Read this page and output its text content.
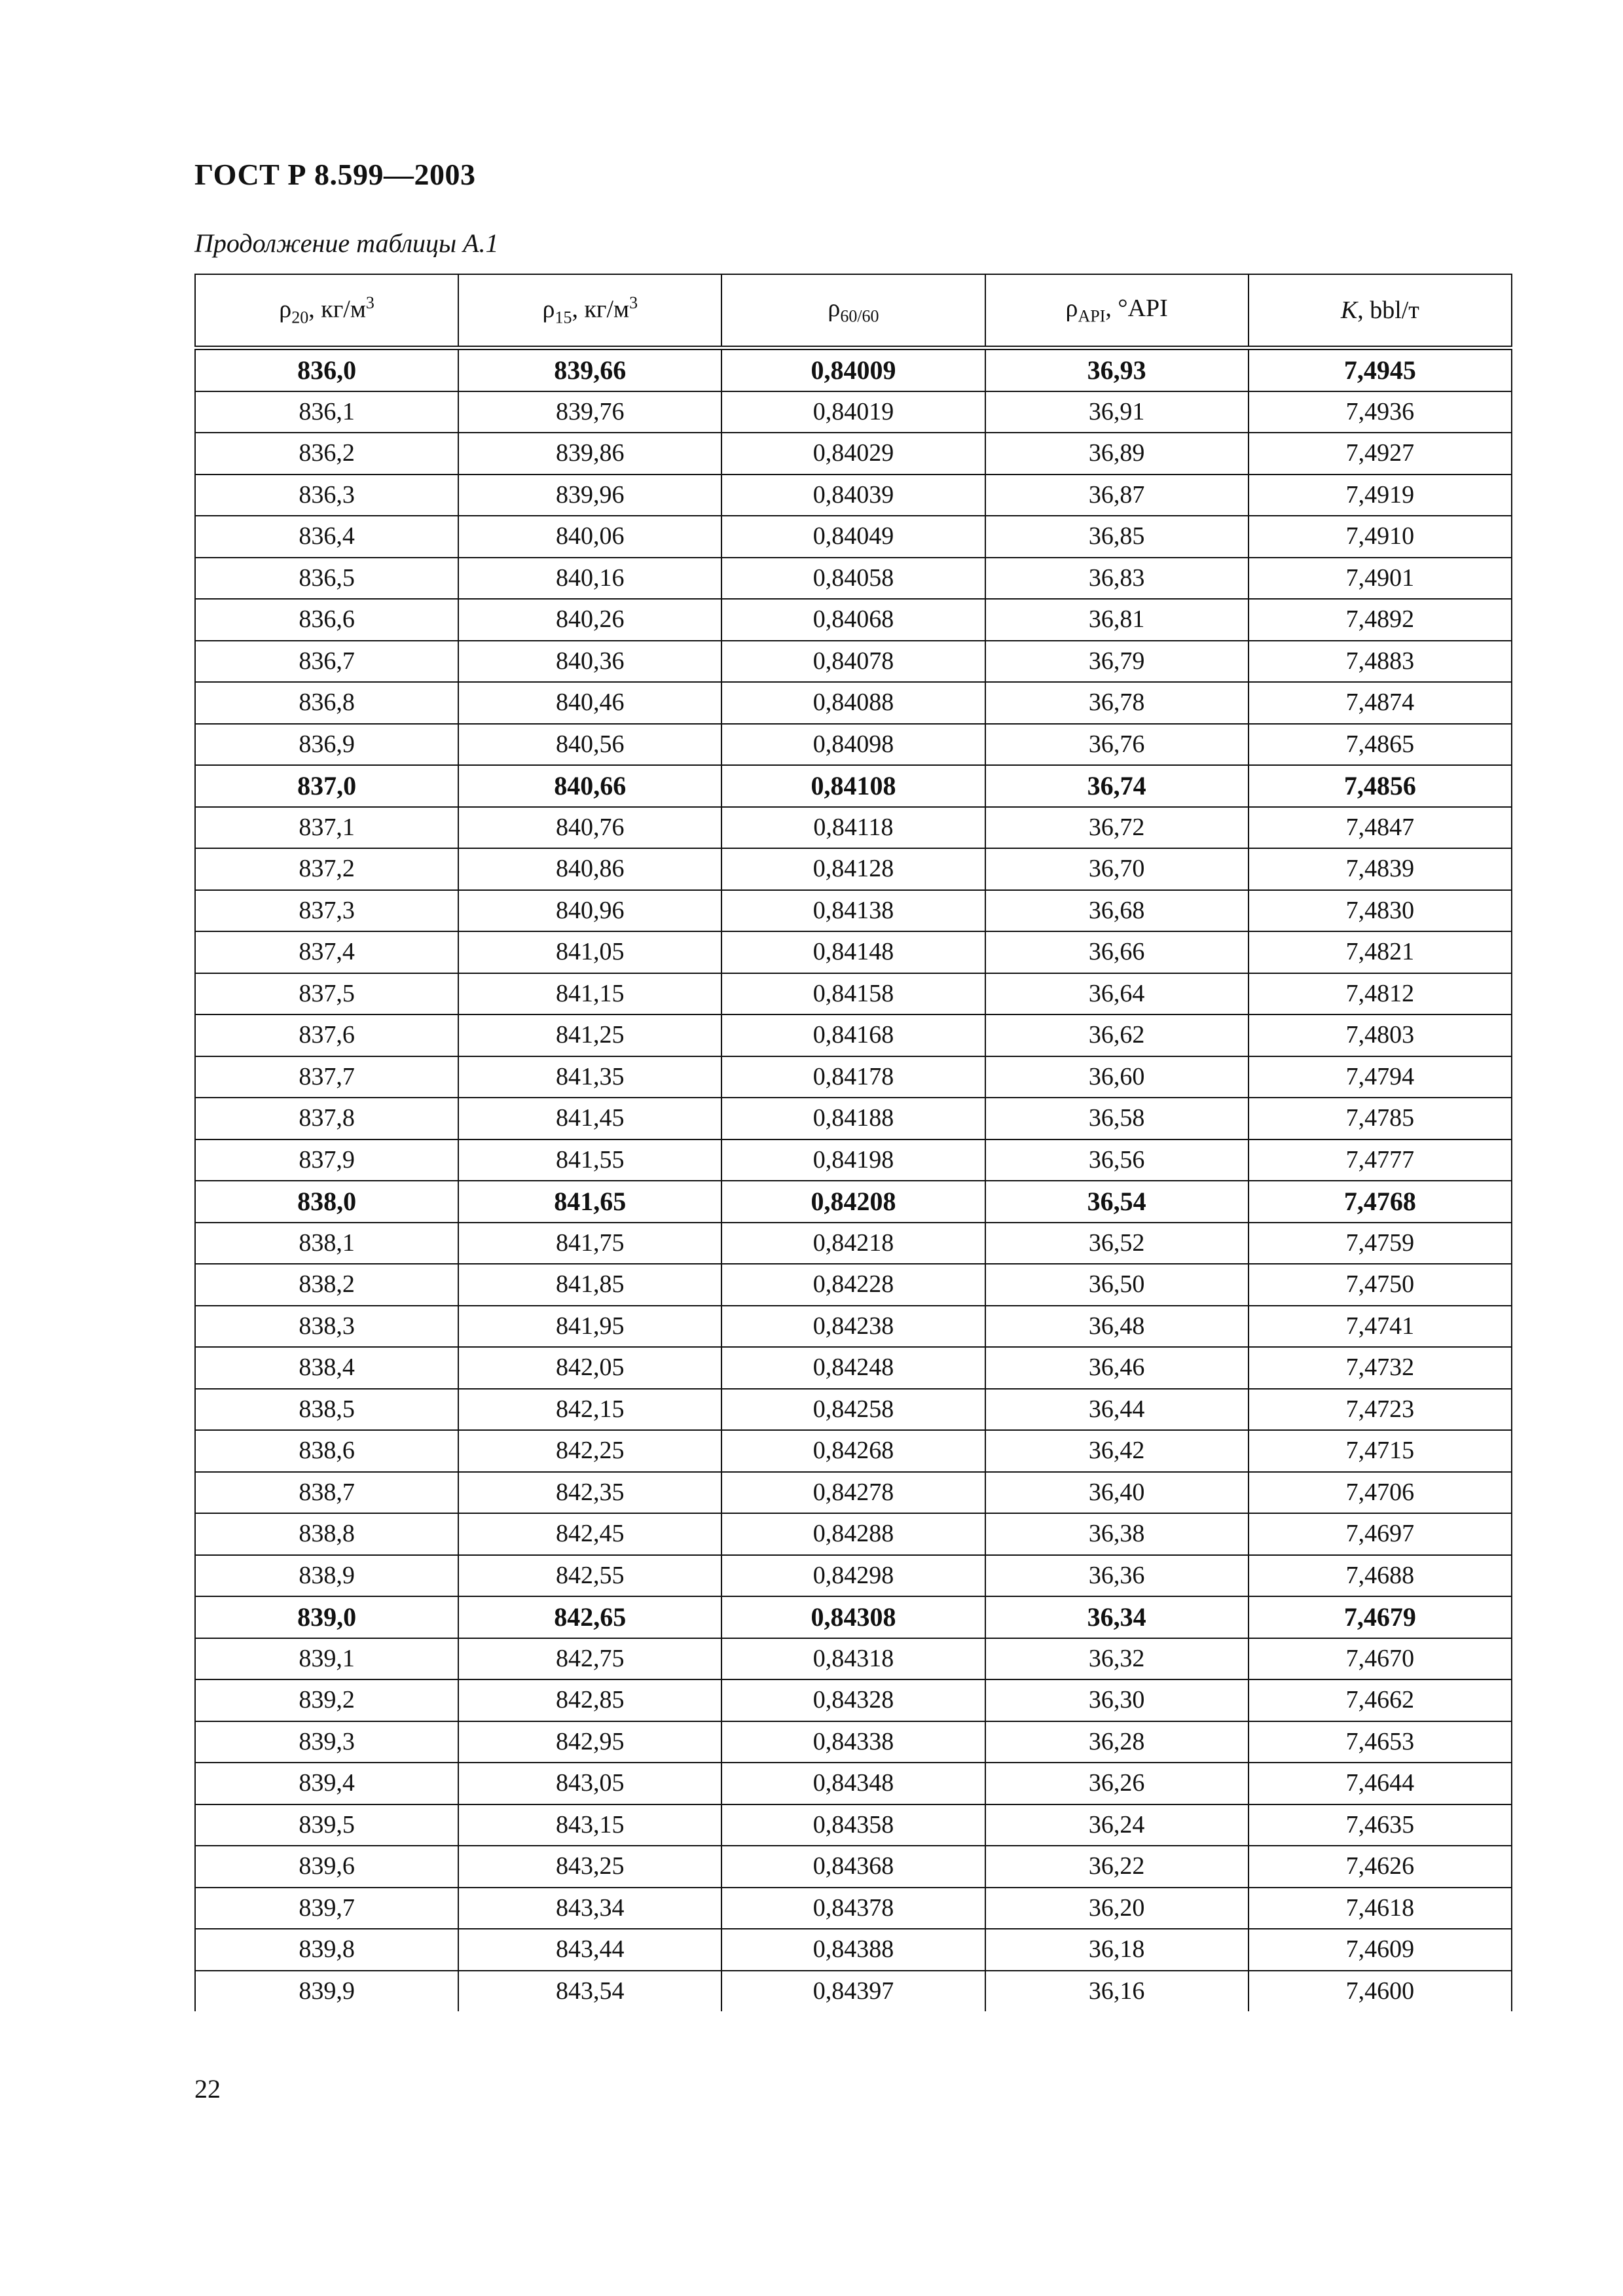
ГОСТ Р 8.599—2003
Продолжение таблицы А.1
$\rho_{20}$, $кг/м^3$	$\rho_{15}$, $кг/м^3$	$\rho_{60/60}$	$\rho_{API}$, °API	K, bbl/т
836,0	839,66	0,84009	36,93	7,4945
836,1	839,76	0,84019	36,91	7,4936
836,2	839,86	0,84029	36,89	7,4927
836,3	839,96	0,84039	36,87	7,4919
836,4	840,06	0,84049	36,85	7,4910
836,5	840,16	0,84058	36,83	7,4901
836,6	840,26	0,84068	36,81	7,4892
836,7	840,36	0,84078	36,79	7,4883
836,8	840,46	0,84088	36,78	7,4874
836,9	840,56	0,84098	36,76	7,4865
837,0	840,66	0,84108	36,74	7,4856
837,1	840,76	0,84118	36,72	7,4847
837,2	840,86	0,84128	36,70	7,4839
837,3	840,96	0,84138	36,68	7,4830
837,4	841,05	0,84148	36,66	7,4821
837,5	841,15	0,84158	36,64	7,4812
837,6	841,25	0,84168	36,62	7,4803
837,7	841,35	0,84178	36,60	7,4794
837,8	841,45	0,84188	36,58	7,4785
837,9	841,55	0,84198	36,56	7,4777
838,0	841,65	0,84208	36,54	7,4768
838,1	841,75	0,84218	36,52	7,4759
838,2	841,85	0,84228	36,50	7,4750
838,3	841,95	0,84238	36,48	7,4741
838,4	842,05	0,84248	36,46	7,4732
838,5	842,15	0,84258	36,44	7,4723
838,6	842,25	0,84268	36,42	7,4715
838,7	842,35	0,84278	36,40	7,4706
838,8	842,45	0,84288	36,38	7,4697
838,9	842,55	0,84298	36,36	7,4688
839,0	842,65	0,84308	36,34	7,4679
839,1	842,75	0,84318	36,32	7,4670
839,2	842,85	0,84328	36,30	7,4662
839,3	842,95	0,84338	36,28	7,4653
839,4	843,05	0,84348	36,26	7,4644
839,5	843,15	0,84358	36,24	7,4635
839,6	843,25	0,84368	36,22	7,4626
839,7	843,34	0,84378	36,20	7,4618
839,8	843,44	0,84388	36,18	7,4609
839,9	843,54	0,84397	36,16	7,4600
22
